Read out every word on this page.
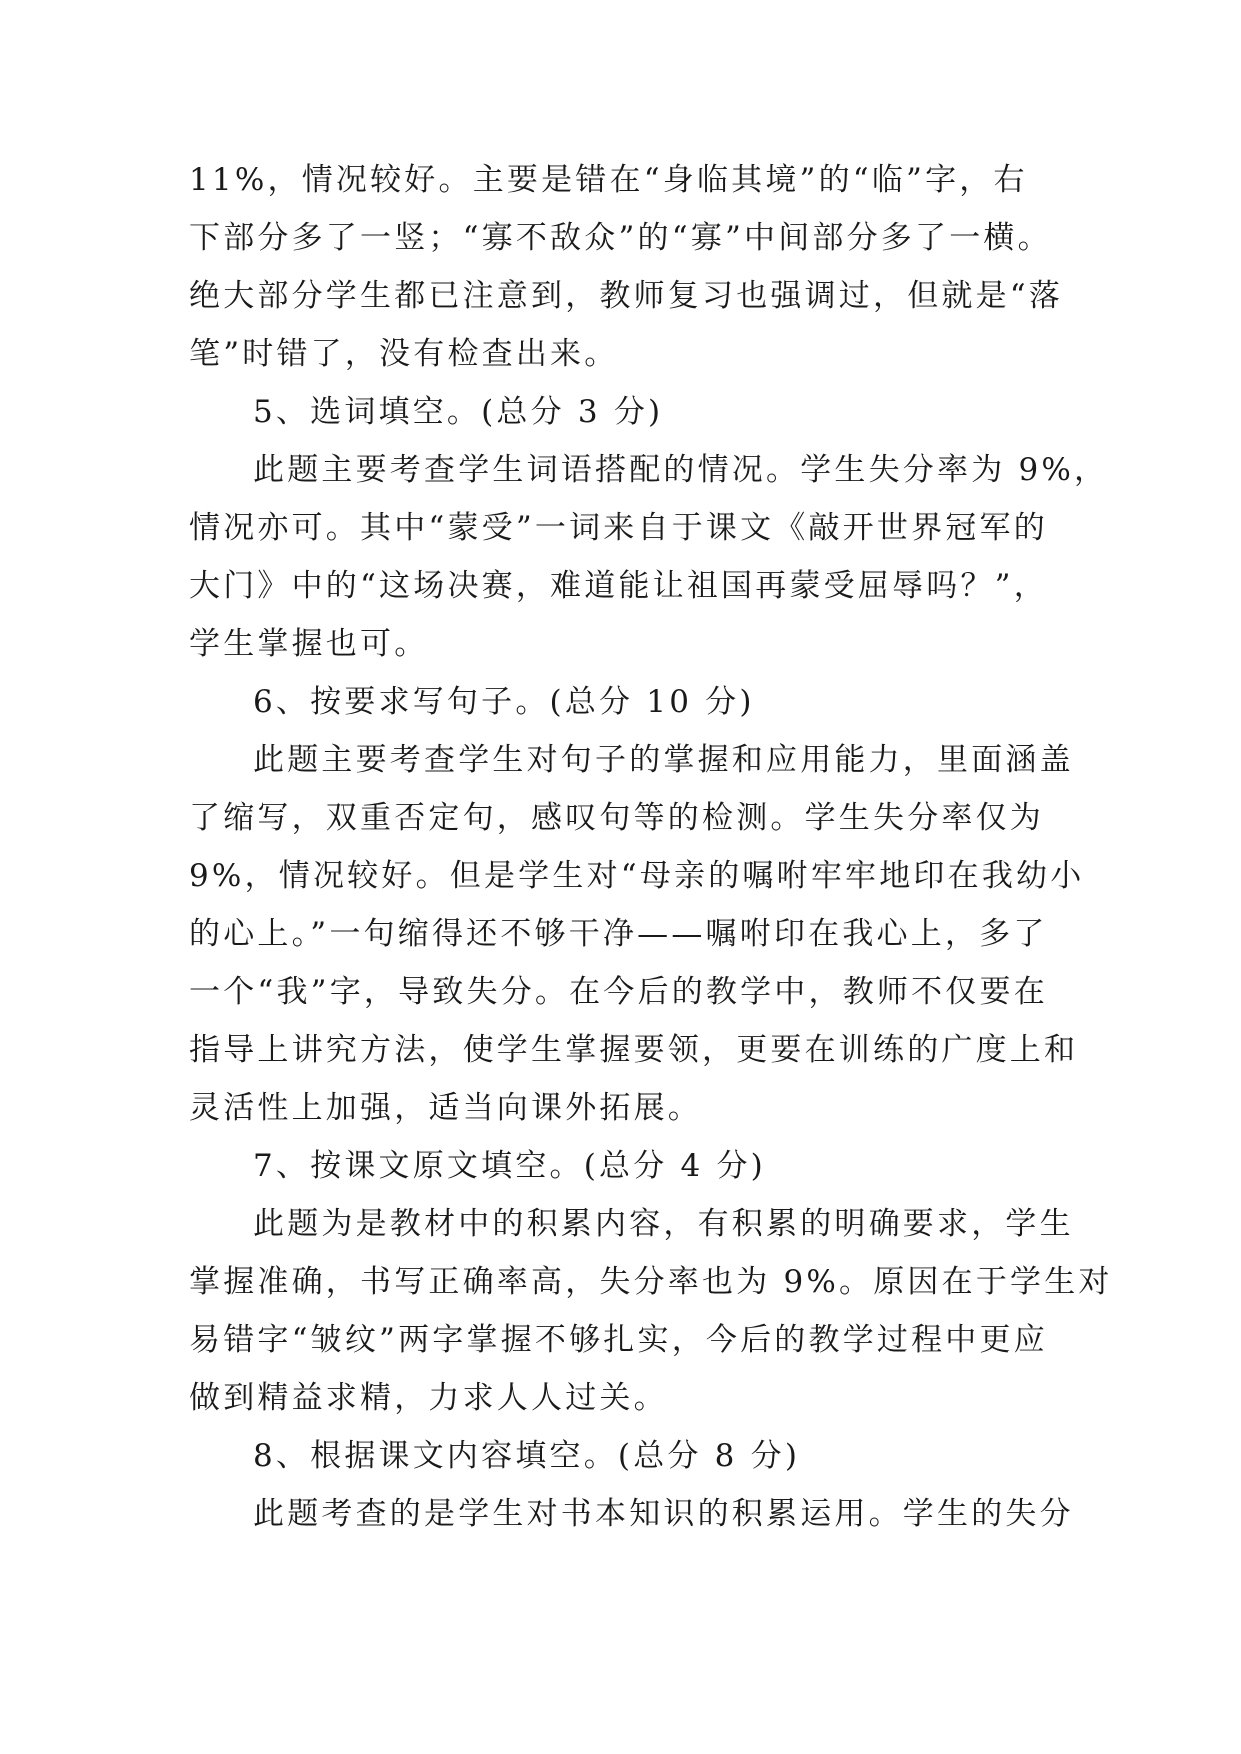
11%，情况较好。主要是错在“身临其境”的“临”字，右
下部分多了一竖；“寡不敌众”的“寡”中间部分多了一横。
绝大部分学生都已注意到，教师复习也强调过，但就是“落
笔”时错了，没有检查出来。
5、选词填空。(总分 3 分)
此题主要考查学生词语搭配的情况。学生失分率为 9%，
情况亦可。其中“蒙受”一词来自于课文《敲开世界冠军的
大门》中的“这场决赛，难道能让祖国再蒙受屈辱吗？”，
学生掌握也可。
6、按要求写句子。(总分 10 分)
此题主要考查学生对句子的掌握和应用能力，里面涵盖
了缩写，双重否定句，感叹句等的检测。学生失分率仅为
9%，情况较好。但是学生对“母亲的嘱咐牢牢地印在我幼小
的心上。”一句缩得还不够干净——嘱咐印在我心上，多了
一个“我”字，导致失分。在今后的教学中，教师不仅要在
指导上讲究方法，使学生掌握要领，更要在训练的广度上和
灵活性上加强，适当向课外拓展。
7、按课文原文填空。(总分 4 分)
此题为是教材中的积累内容，有积累的明确要求，学生
掌握准确，书写正确率高，失分率也为 9%。原因在于学生对
易错字“皱纹”两字掌握不够扎实，今后的教学过程中更应
做到精益求精，力求人人过关。
8、根据课文内容填空。(总分 8 分)
此题考查的是学生对书本知识的积累运用。学生的失分
